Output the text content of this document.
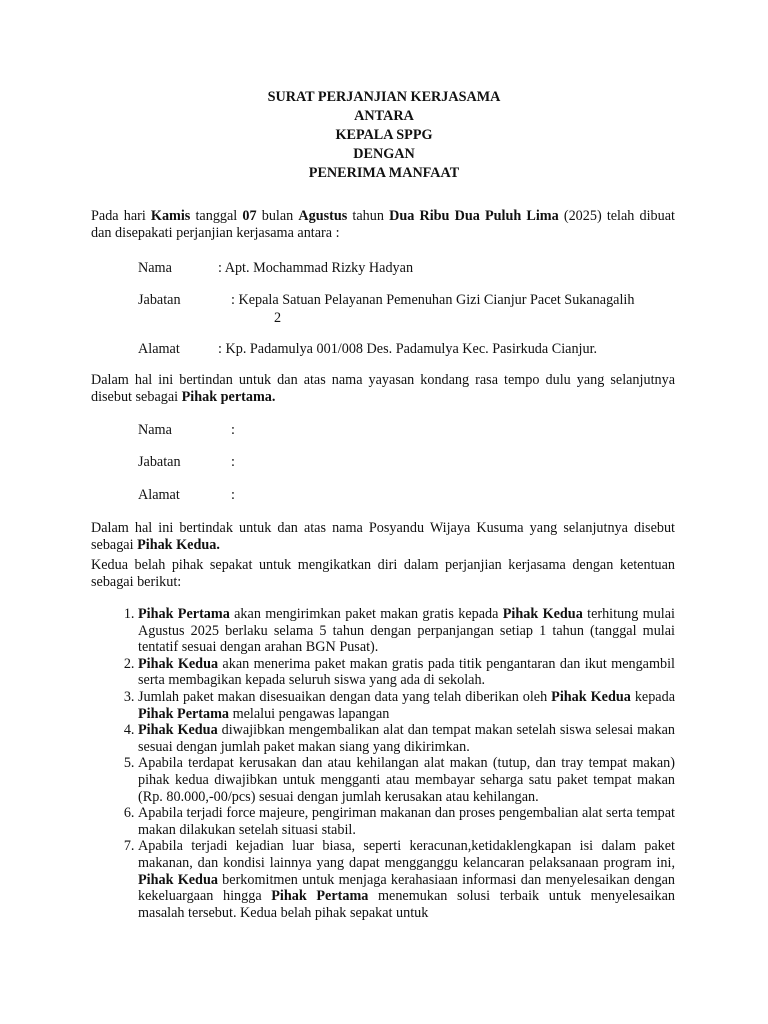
SURAT PERJANJIAN KERJASAMA
ANTARA
KEPALA SPPG
DENGAN
PENERIMA MANFAAT
Pada hari Kamis tanggal 07 bulan Agustus tahun Dua Ribu Dua Puluh Lima (2025) telah dibuat dan disepakati perjanjian kerjasama antara :
Nama	: Apt. Mochammad Rizky Hadyan
Jabatan	: Kepala Satuan Pelayanan Pemenuhan Gizi Cianjur Pacet Sukanagalih
2
Alamat	: Kp. Padamulya 001/008 Des. Padamulya Kec. Pasirkuda Cianjur.
Dalam hal ini bertindan untuk dan atas nama yayasan kondang rasa tempo dulu yang selanjutnya disebut sebagai Pihak pertama.
Nama	:
Jabatan	:
Alamat	:
Dalam hal ini bertindak untuk dan atas nama Posyandu Wijaya Kusuma yang selanjutnya disebut sebagai Pihak Kedua.
Kedua belah pihak sepakat untuk mengikatkan diri dalam perjanjian kerjasama dengan ketentuan sebagai berikut:
1. Pihak Pertama akan mengirimkan paket makan gratis kepada Pihak Kedua terhitung mulai Agustus 2025 berlaku selama 5 tahun dengan perpanjangan setiap 1 tahun (tanggal mulai tentatif sesuai dengan arahan BGN Pusat).
2. Pihak Kedua akan menerima paket makan gratis pada titik pengantaran dan ikut mengambil serta membagikan kepada seluruh siswa yang ada di sekolah.
3. Jumlah paket makan disesuaikan dengan data yang telah diberikan oleh Pihak Kedua kepada Pihak Pertama melalui pengawas lapangan
4. Pihak Kedua diwajibkan mengembalikan alat dan tempat makan setelah siswa selesai makan sesuai dengan jumlah paket makan siang yang dikirimkan.
5. Apabila terdapat kerusakan dan atau kehilangan alat makan (tutup, dan tray tempat makan) pihak kedua diwajibkan untuk mengganti atau membayar seharga satu paket tempat makan (Rp. 80.000,-00/pcs) sesuai dengan jumlah kerusakan atau kehilangan.
6. Apabila terjadi force majeure, pengiriman makanan dan proses pengembalian alat serta tempat makan dilakukan setelah situasi stabil.
7. Apabila terjadi kejadian luar biasa, seperti keracunan,ketidaklengkapan isi dalam paket makanan, dan kondisi lainnya yang dapat mengganggu kelancaran pelaksanaan program ini, Pihak Kedua berkomitmen untuk menjaga kerahasiaan informasi dan menyelesaikan dengan kekeluargaan hingga Pihak Pertama menemukan solusi terbaik untuk menyelesaikan masalah tersebut. Kedua belah pihak sepakat untuk
